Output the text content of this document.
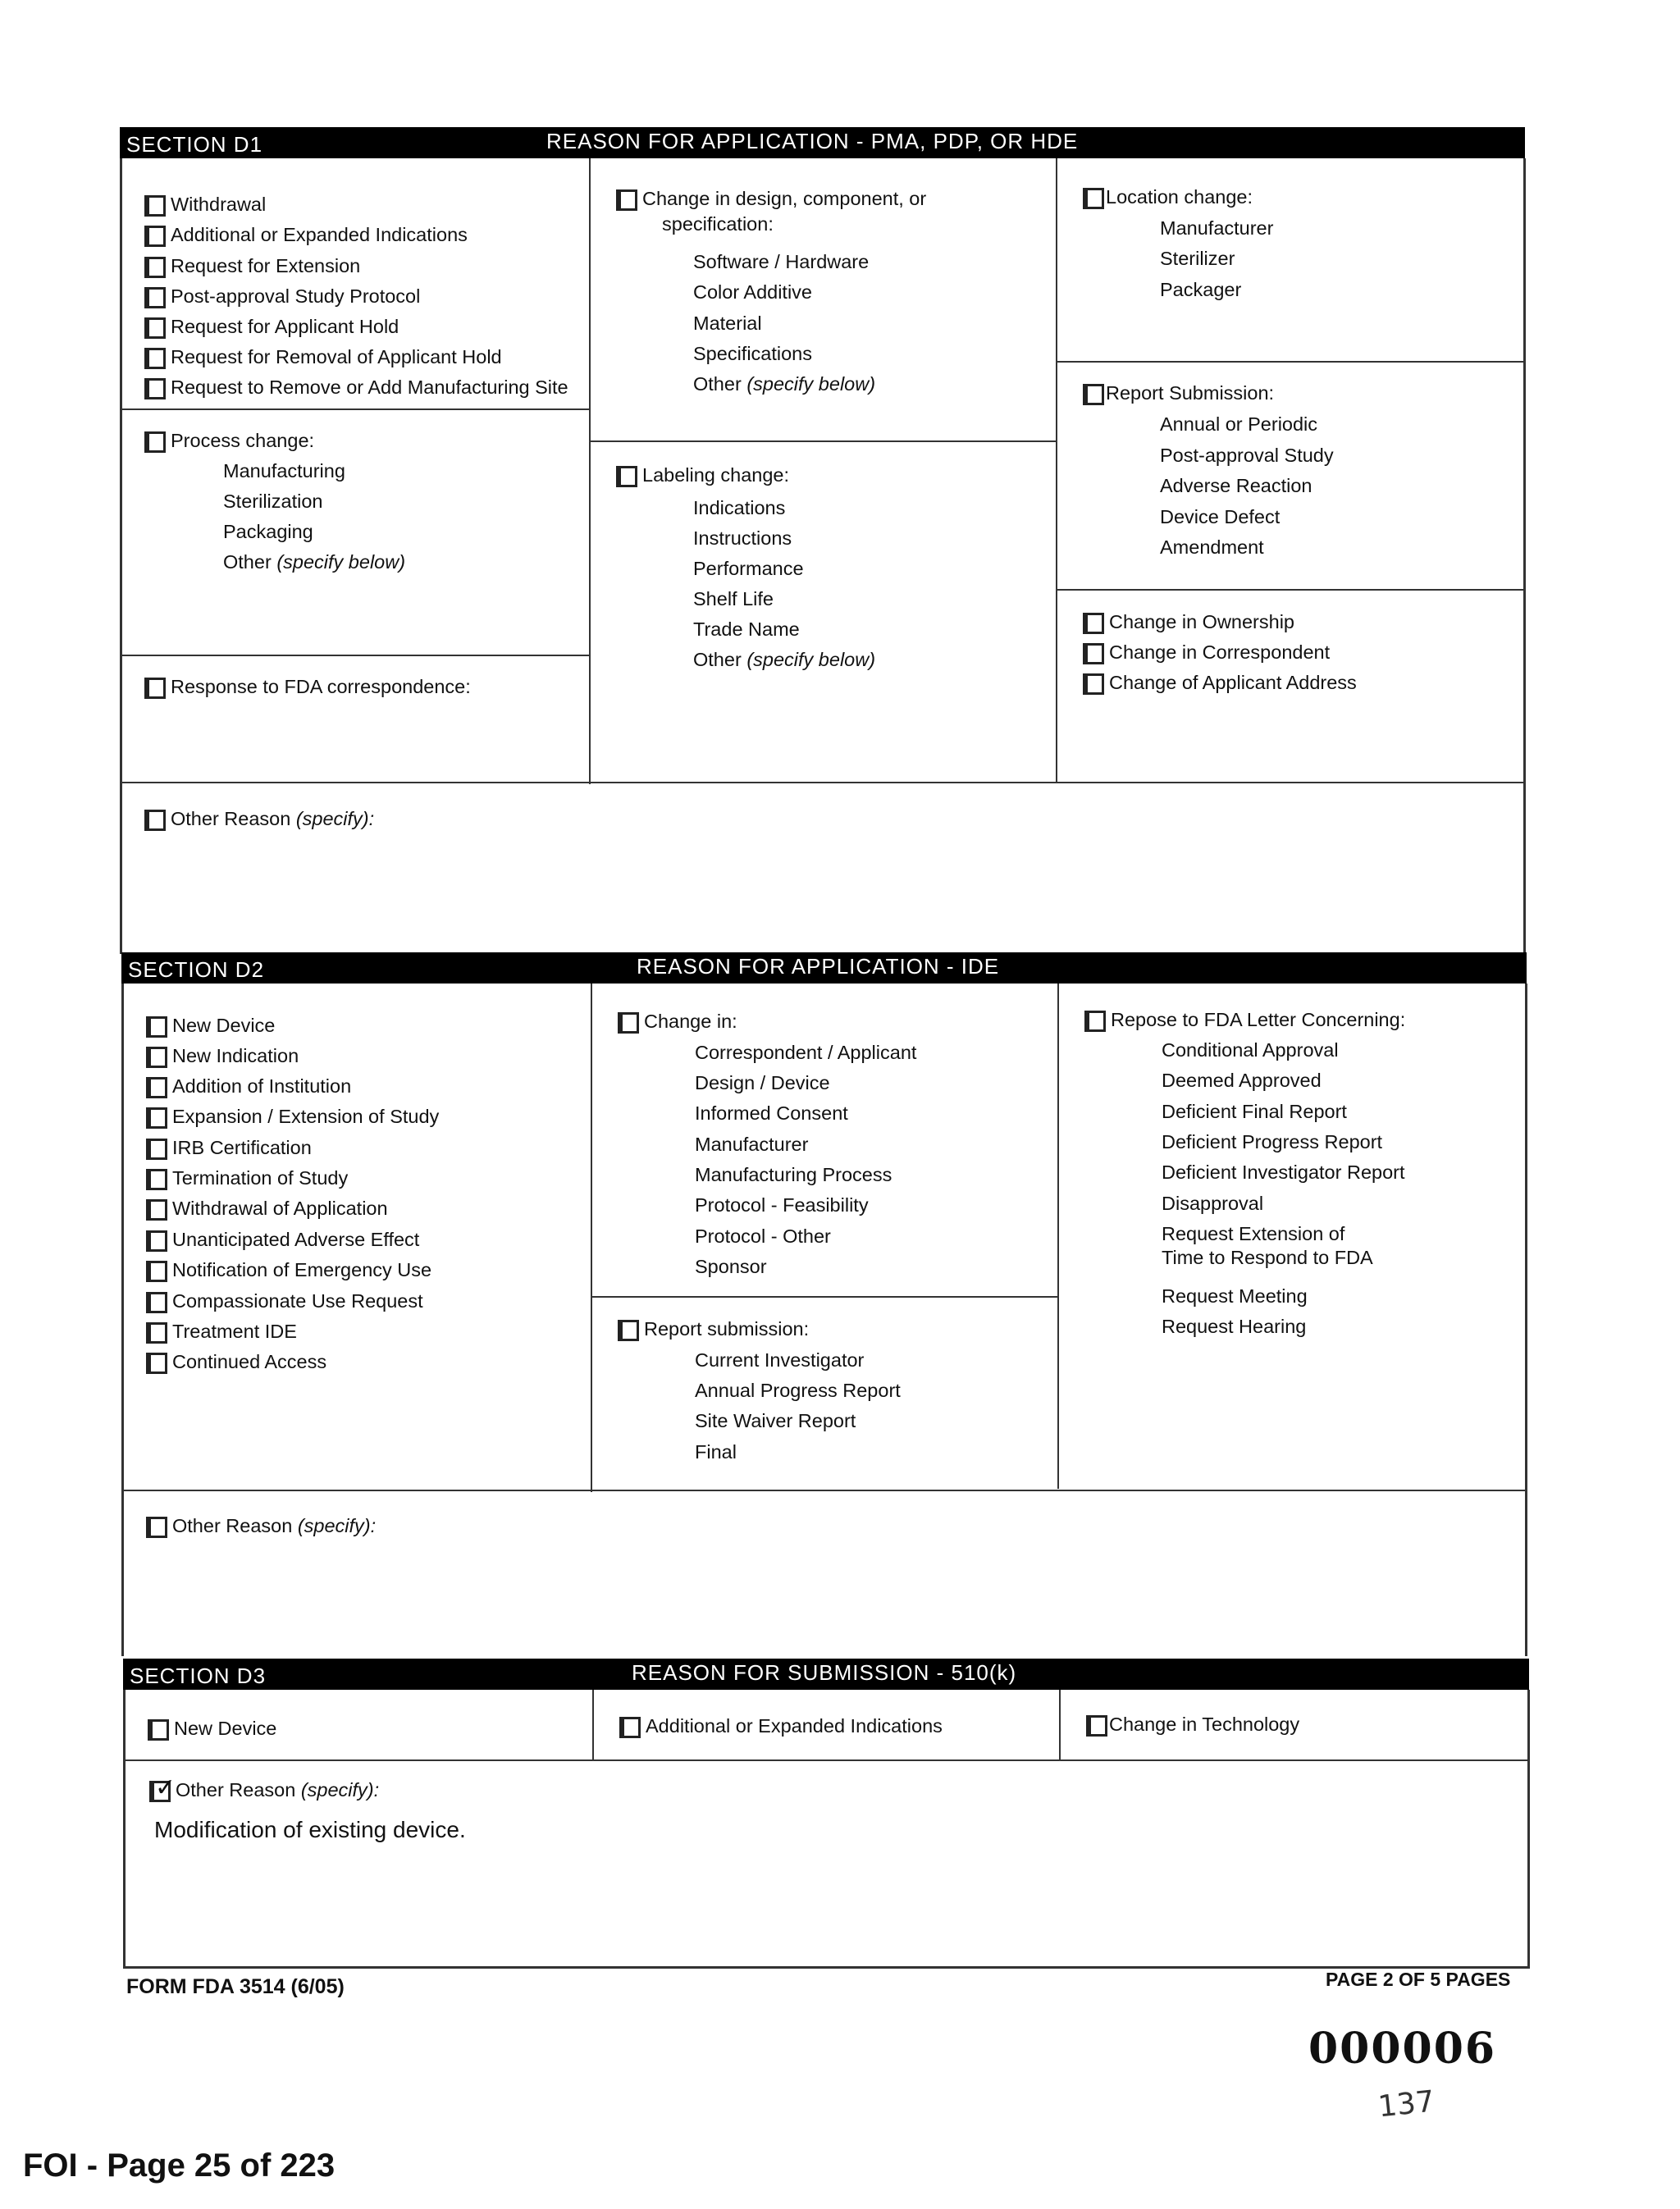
SECTION D1	REASON FOR APPLICATION - PMA, PDP, OR HDE
Withdrawal
Additional or Expanded Indications
Request for Extension
Post-approval Study Protocol
Request for Applicant Hold
Request for Removal of Applicant Hold
Request to Remove or Add Manufacturing Site
Process change:
Manufacturing
Sterilization
Packaging
Other (specify below)
Response to FDA correspondence:
Change in design, component, or
specification:
Software / Hardware
Color Additive
Material
Specifications
Other (specify below)
Labeling change:
Indications
Instructions
Performance
Shelf Life
Trade Name
Other (specify below)
Location change:
Manufacturer
Sterilizer
Packager
Report Submission:
Annual or Periodic
Post-approval Study
Adverse Reaction
Device Defect
Amendment
Change in Ownership
Change in Correspondent
Change of Applicant Address
Other Reason (specify):
SECTION D2	REASON FOR APPLICATION - IDE
New Device
New Indication
Addition of Institution
Expansion / Extension of Study
IRB Certification
Termination of Study
Withdrawal of Application
Unanticipated Adverse Effect
Notification of Emergency Use
Compassionate Use Request
Treatment IDE
Continued Access
Change in:
Correspondent / Applicant
Design / Device
Informed Consent
Manufacturer
Manufacturing Process
Protocol - Feasibility
Protocol - Other
Sponsor
Report submission:
Current Investigator
Annual Progress Report
Site Waiver Report
Final
Repose to FDA Letter Concerning:
Conditional Approval
Deemed Approved
Deficient Final Report
Deficient Progress Report
Deficient Investigator Report
Disapproval
Request Extension of
Time to Respond to FDA
Request Meeting
Request Hearing
Other Reason (specify):
SECTION D3	REASON FOR SUBMISSION - 510(k)
New Device	Additional or Expanded Indications	Change in Technology
✓ Other Reason (specify):
Modification of existing device.
FORM FDA 3514 (6/05)	PAGE 2 OF 5 PAGES
000006
137
FOI - Page 25 of 223
